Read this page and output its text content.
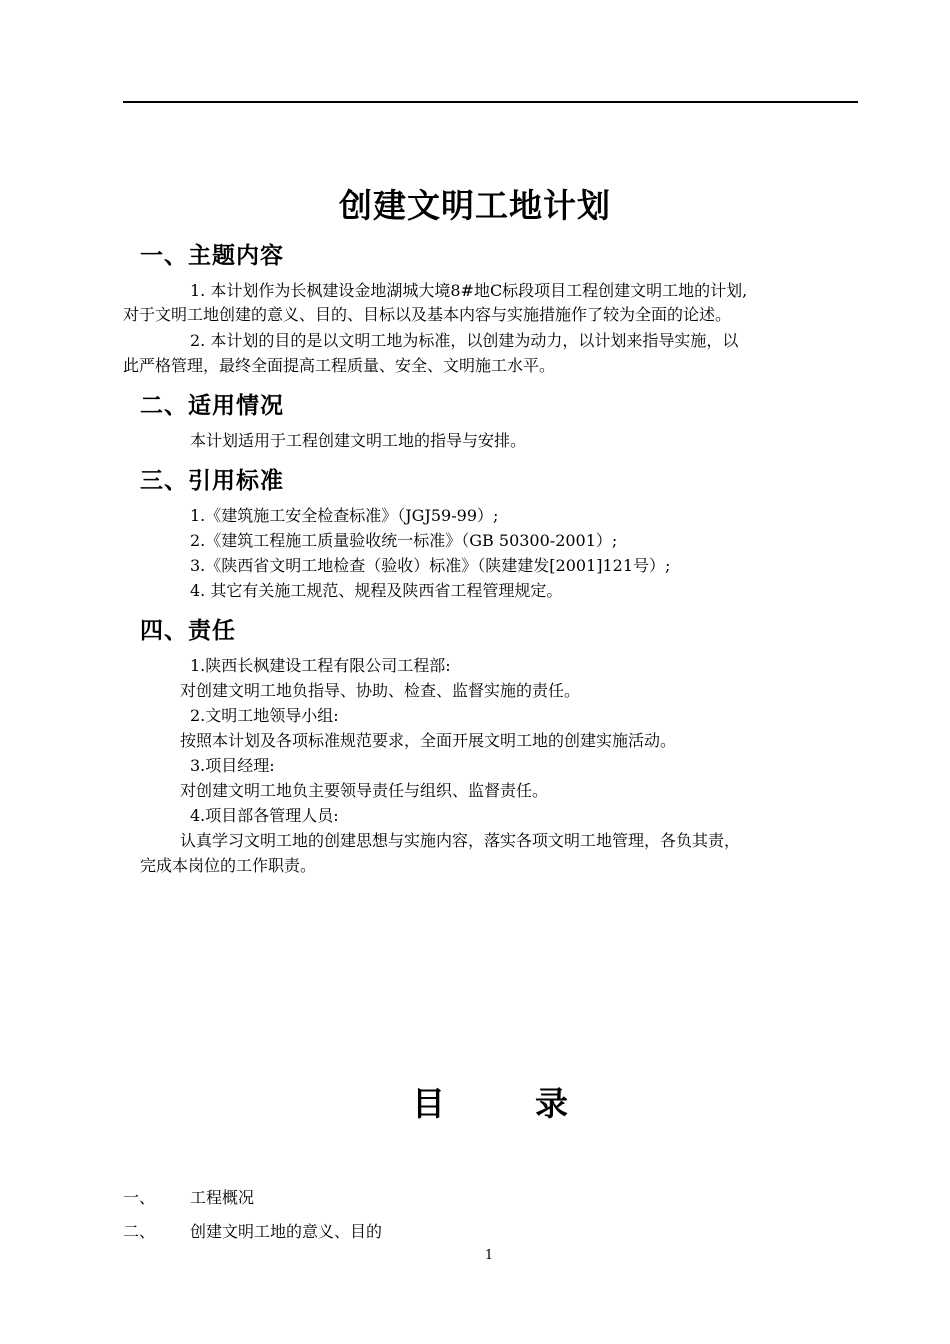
创建文明工地计划
一、主题内容
1. 本计划作为长枫建设金地湖城大境8#地C标段项目工程创建文明工地的计划,
对于文明工地创建的意义、目的、目标以及基本内容与实施措施作了较为全面的论述。
2. 本计划的目的是以文明工地为标准，以创建为动力，以计划来指导实施，以
此严格管理，最终全面提高工程质量、安全、文明施工水平。
二、适用情况
本计划适用于工程创建文明工地的指导与安排。
三、引用标准
1.《建筑施工安全检查标准》（JGJ59-99）;
2.《建筑工程施工质量验收统一标准》（GB 50300-2001）;
3.《陕西省文明工地检查（验收）标准》（陕建建发[2001]121号）;
4. 其它有关施工规范、规程及陕西省工程管理规定。
四、责任
1.陕西长枫建设工程有限公司工程部:
对创建文明工地负指导、协助、检查、监督实施的责任。
2.文明工地领导小组:
按照本计划及各项标准规范要求，全面开展文明工地的创建实施活动。
3.项目经理:
对创建文明工地负主要领导责任与组织、监督责任。
4.项目部各管理人员:
认真学习文明工地的创建思想与实施内容，落实各项文明工地管理，各负其责，
完成本岗位的工作职责。
目	录
一、 工程概况
二、 创建文明工地的意义、目的
1
